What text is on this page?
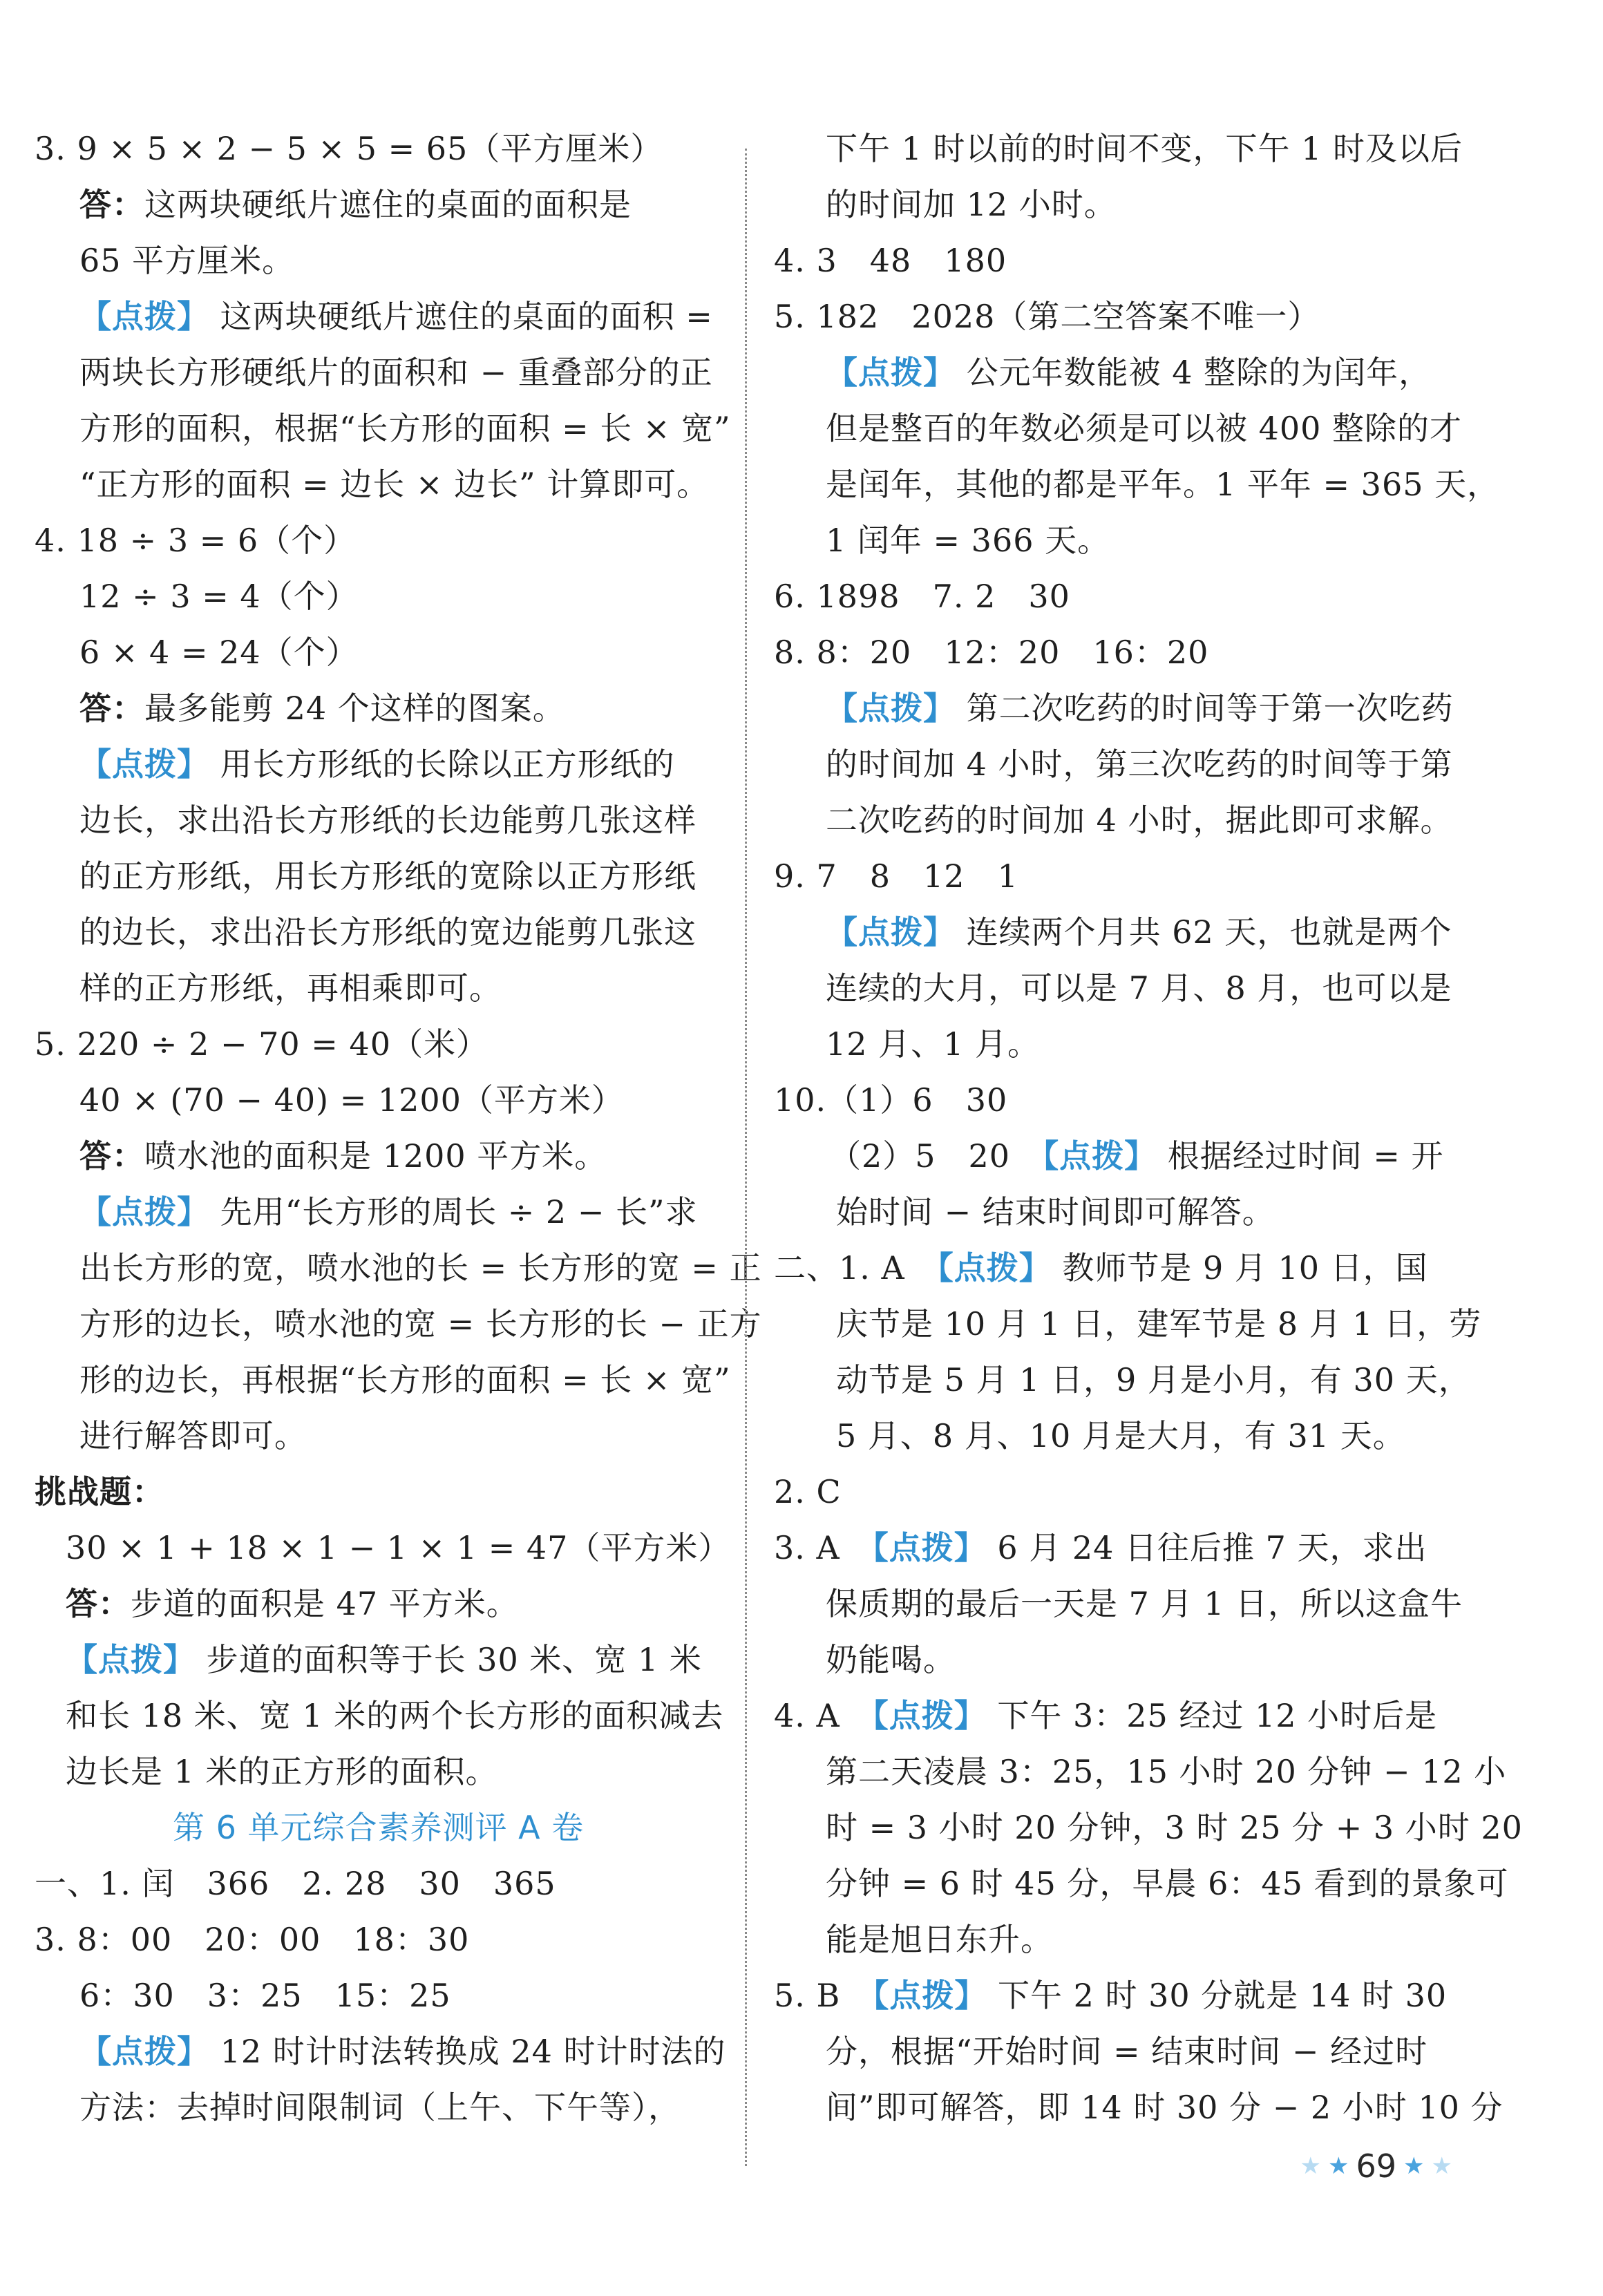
3. 9 × 5 × 2 − 5 × 5 = 65（平方厘米）
答：这两块硬纸片遮住的桌面的面积是
65 平方厘米。
【点拨】 这两块硬纸片遮住的桌面的面积 =
两块长方形硬纸片的面积和 − 重叠部分的正
方形的面积，根据“长方形的面积 = 长 × 宽”
“正方形的面积 = 边长 × 边长” 计算即可。
4. 18 ÷ 3 = 6（个）
12 ÷ 3 = 4（个）
6 × 4 = 24（个）
答：最多能剪 24 个这样的图案。
【点拨】 用长方形纸的长除以正方形纸的
边长，求出沿长方形纸的长边能剪几张这样
的正方形纸，用长方形纸的宽除以正方形纸
的边长，求出沿长方形纸的宽边能剪几张这
样的正方形纸，再相乘即可。
5. 220 ÷ 2 − 70 = 40（米）
40 × (70 − 40) = 1200（平方米）
答：喷水池的面积是 1200 平方米。
【点拨】 先用“长方形的周长 ÷ 2 − 长”求
出长方形的宽，喷水池的长 = 长方形的宽 = 正
方形的边长，喷水池的宽 = 长方形的长 − 正方
形的边长，再根据“长方形的面积 = 长 × 宽”
进行解答即可。
挑战题：
30 × 1 + 18 × 1 − 1 × 1 = 47（平方米）
答：步道的面积是 47 平方米。
【点拨】 步道的面积等于长 30 米、宽 1 米
和长 18 米、宽 1 米的两个长方形的面积减去
边长是 1 米的正方形的面积。
第 6 单元综合素养测评 A 卷
一、1. 闰　366　2. 28　30　365
3. 8：00　20：00　18：30
6：30　3：25　15：25
【点拨】 12 时计时法转换成 24 时计时法的
方法：去掉时间限制词（上午、下午等），
下午 1 时以前的时间不变，下午 1 时及以后
的时间加 12 小时。
4. 3　48　180
5. 182　2028（第二空答案不唯一）
【点拨】 公元年数能被 4 整除的为闰年，
但是整百的年数必须是可以被 400 整除的才
是闰年，其他的都是平年。1 平年 = 365 天，
1 闰年 = 366 天。
6. 1898　7. 2　30
8. 8：20　12：20　16：20
【点拨】 第二次吃药的时间等于第一次吃药
的时间加 4 小时，第三次吃药的时间等于第
二次吃药的时间加 4 小时，据此即可求解。
9. 7　8　12　1
【点拨】 连续两个月共 62 天，也就是两个
连续的大月，可以是 7 月、8 月，也可以是
12 月、1 月。
10.（1）6　30
（2）5　20　【点拨】 根据经过时间 = 开
始时间 − 结束时间即可解答。
二、1. A　【点拨】 教师节是 9 月 10 日，国
庆节是 10 月 1 日，建军节是 8 月 1 日，劳
动节是 5 月 1 日，9 月是小月，有 30 天，
5 月、8 月、10 月是大月，有 31 天。
2. C
3. A　【点拨】 6 月 24 日往后推 7 天，求出
保质期的最后一天是 7 月 1 日，所以这盒牛
奶能喝。
4. A　【点拨】 下午 3：25 经过 12 小时后是
第二天凌晨 3：25，15 小时 20 分钟 − 12 小
时 = 3 小时 20 分钟，3 时 25 分 + 3 小时 20
分钟 = 6 时 45 分，早晨 6：45 看到的景象可
能是旭日东升。
5. B　【点拨】 下午 2 时 30 分就是 14 时 30
分，根据“开始时间 = 结束时间 − 经过时
间”即可解答，即 14 时 30 分 − 2 小时 10 分
★ ★ 69 ★ ★
